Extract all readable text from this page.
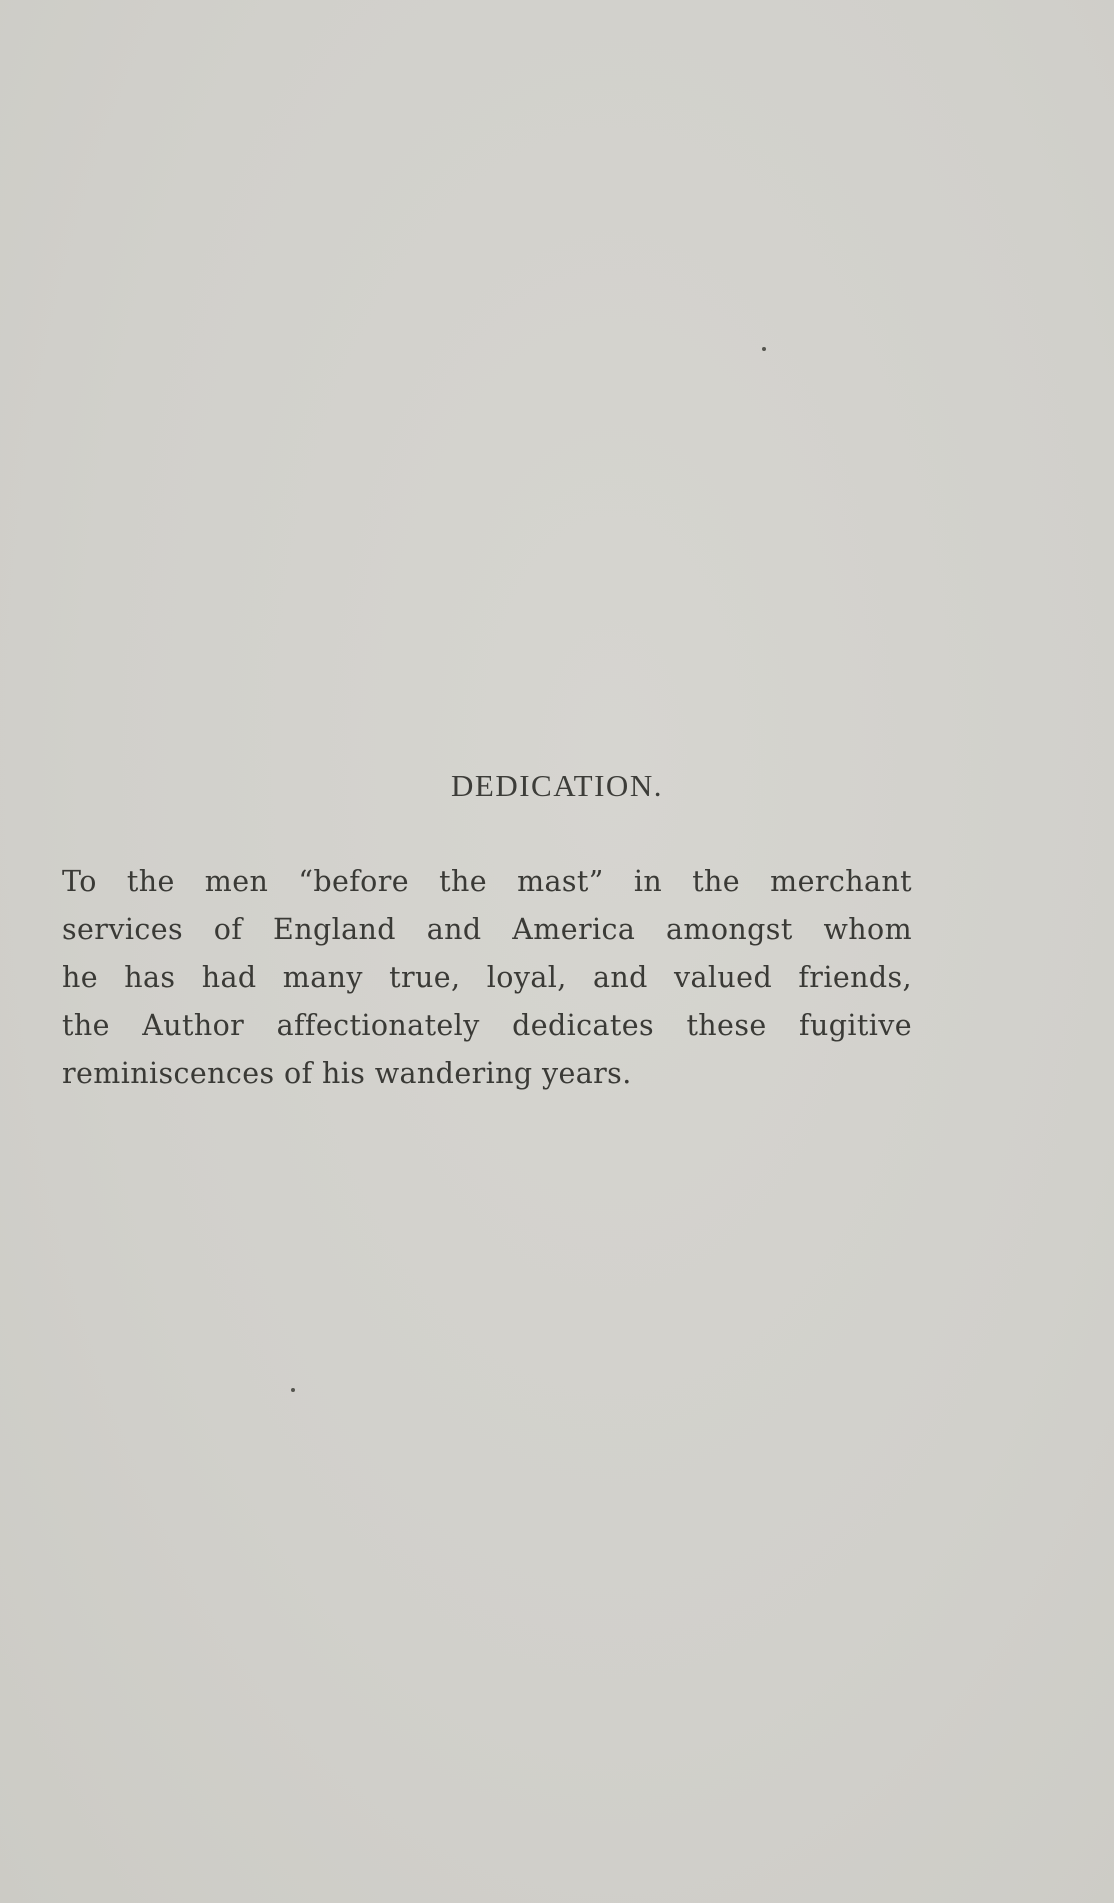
DEDICATION.
To the men “before the mast” in the merchant
services of England and America amongst whom
he has had many true, loyal, and valued friends,
the Author affectionately dedicates these fugitive
reminiscences of his wandering years.
